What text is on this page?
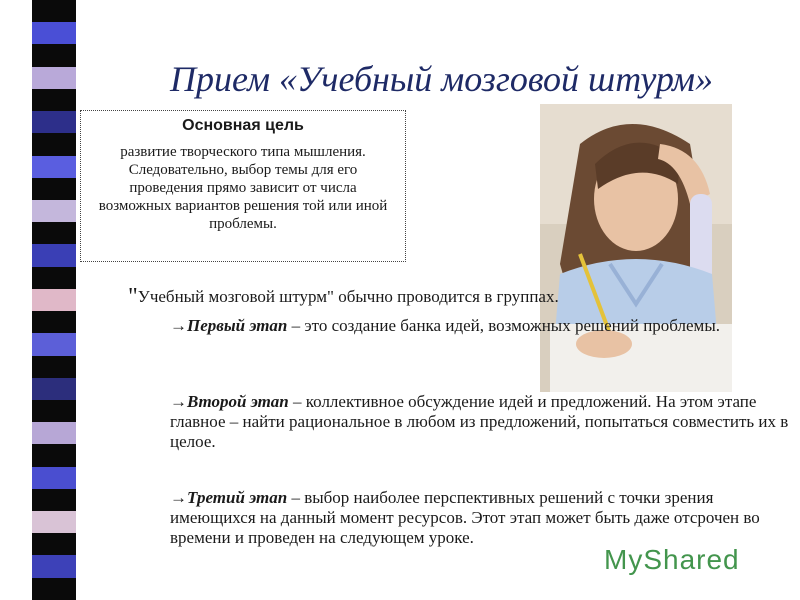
Прием «Учебный мозговой штурм»
Основная цель
развитие творческого типа мышления. Следовательно, выбор темы для его проведения прямо зависит от числа возможных вариантов решения той или иной проблемы.
"Учебный мозговой штурм" обычно проводится в группах.
→Первый этап – это создание банка идей, возможных решений проблемы.
→Второй этап – коллективное обсуждение идей и предложений. На этом этапе главное – найти рациональное в любом из предложений, попытаться совместить их в целое.
→Третий этап – выбор наиболее перспективных решений с точки зрения имеющихся на данный момент ресурсов. Этот этап может быть даже отсрочен во времени и проведен на следующем уроке.
MyShared
